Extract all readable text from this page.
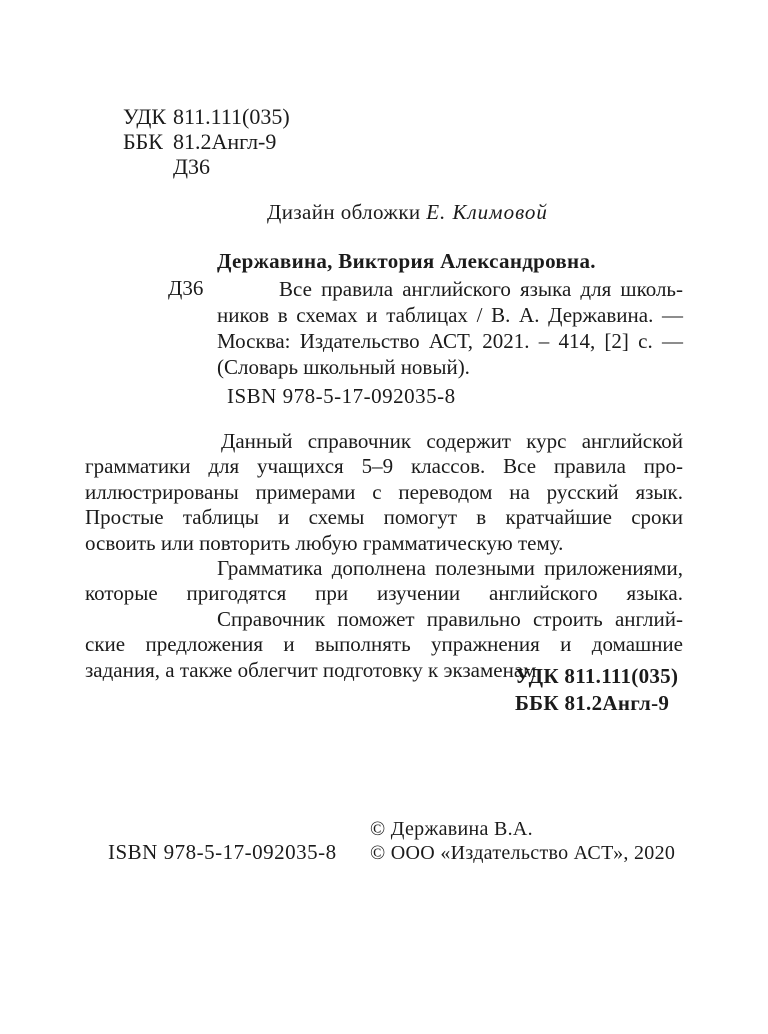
УДК 811.111(035)
ББК 81.2Англ-9
Д36
Дизайн обложки Е. Климовой
Державина, Виктория Александровна.
Д36	Все правила английского языка для школь-
ников в схемах и таблицах / В. А. Державина. —
Москва: Издательство АСТ, 2021. – 414, [2] с. —
(Словарь школьный новый).
ISBN 978-5-17-092035-8
Данный справочник содержит курс английской
грамматики для учащихся 5–9 классов. Все правила про-
иллюстрированы примерами с переводом на русский язык.
Простые таблицы и схемы помогут в кратчайшие сроки
освоить или повторить любую грамматическую тему.
Грамматика дополнена полезными приложениями,
которые пригодятся при изучении английского языка.
Справочник поможет правильно строить англий-
ские предложения и выполнять упражнения и домашние
задания, а также облегчит подготовку к экзаменам.
УДК 811.111(035)
ББК 81.2Англ-9
ISBN 978-5-17-092035-8
© Державина В.А.
© ООО «Издательство АСТ», 2020
